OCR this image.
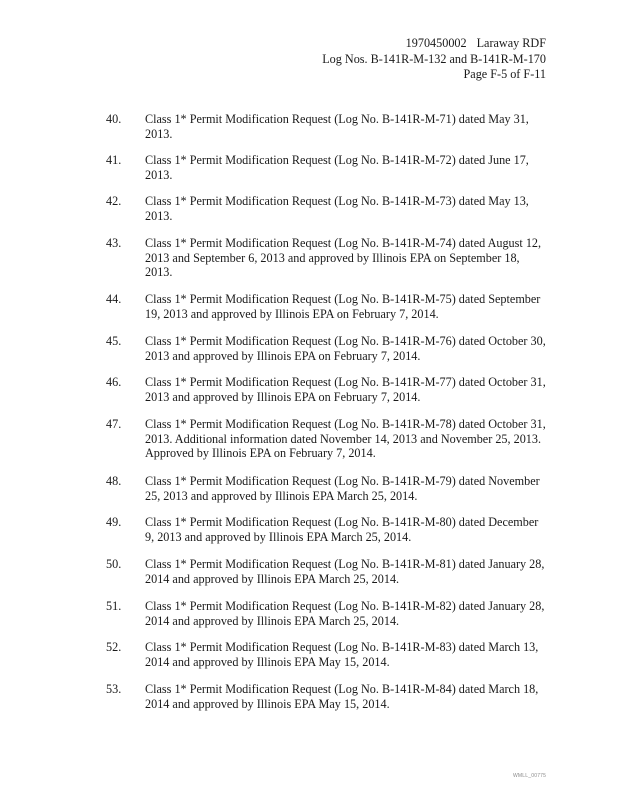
1970450002 Laraway RDF
Log Nos. B-141R-M-132 and B-141R-M-170
Page F-5 of F-11
40.	Class 1* Permit Modification Request (Log No. B-141R-M-71) dated May 31,
2013.
41.	Class 1* Permit Modification Request (Log No. B-141R-M-72) dated June 17,
2013.
42.	Class 1* Permit Modification Request (Log No. B-141R-M-73) dated May 13,
2013.
43.	Class 1* Permit Modification Request (Log No. B-141R-M-74) dated August 12,
2013 and September 6, 2013 and approved by Illinois EPA on September 18,
2013.
44.	Class 1* Permit Modification Request (Log No. B-141R-M-75) dated September
19, 2013 and approved by Illinois EPA on February 7, 2014.
45.	Class 1* Permit Modification Request (Log No. B-141R-M-76) dated October 30,
2013 and approved by Illinois EPA on February 7, 2014.
46.	Class 1* Permit Modification Request (Log No. B-141R-M-77) dated October 31,
2013 and approved by Illinois EPA on February 7, 2014.
47.	Class 1* Permit Modification Request (Log No. B-141R-M-78) dated October 31,
2013. Additional information dated November 14, 2013 and November 25, 2013.
Approved by Illinois EPA on February 7, 2014.
48.	Class 1* Permit Modification Request (Log No. B-141R-M-79) dated November
25, 2013 and approved by Illinois EPA March 25, 2014.
49.	Class 1* Permit Modification Request (Log No. B-141R-M-80) dated December
9, 2013 and approved by Illinois EPA March 25, 2014.
50.	Class 1* Permit Modification Request (Log No. B-141R-M-81) dated January 28,
2014 and approved by Illinois EPA March 25, 2014.
51.	Class 1* Permit Modification Request (Log No. B-141R-M-82) dated January 28,
2014 and approved by Illinois EPA March 25, 2014.
52.	Class 1* Permit Modification Request (Log No. B-141R-M-83) dated March 13,
2014 and approved by Illinois EPA May 15, 2014.
53.	Class 1* Permit Modification Request (Log No. B-141R-M-84) dated March 18,
2014 and approved by Illinois EPA May 15, 2014.
WMLL_00775
